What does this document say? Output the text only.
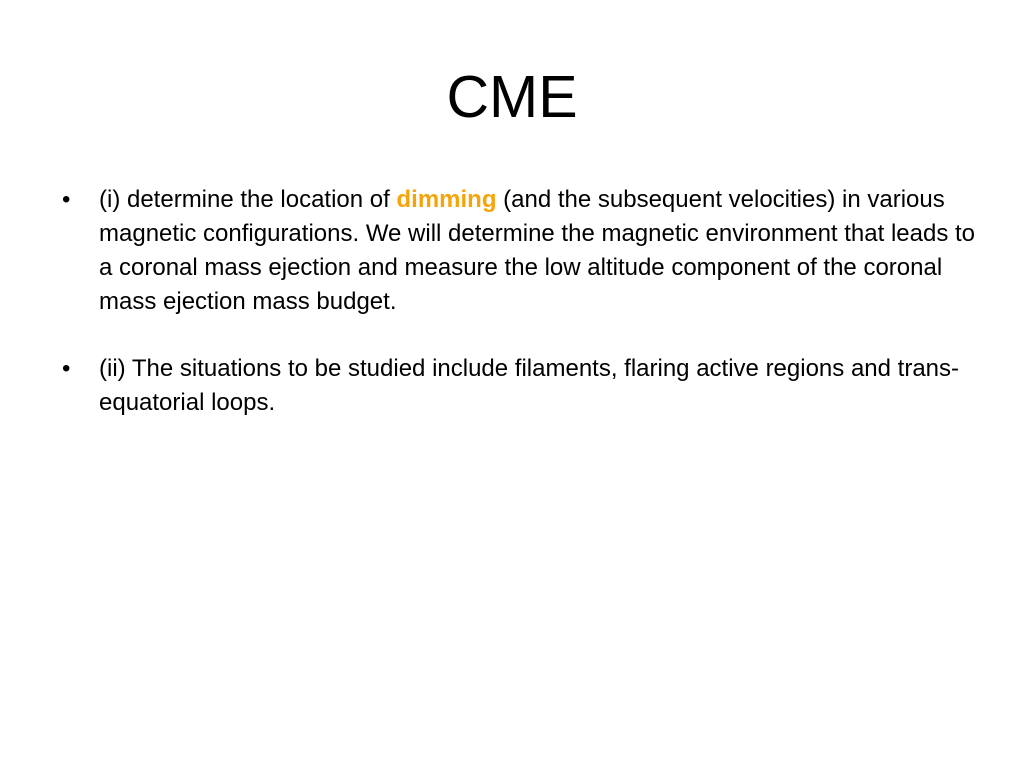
CME
• (i) determine the location of dimming (and the subsequent velocities) in various magnetic configurations. We will determine the magnetic environment that leads to a coronal mass ejection and measure the low altitude component of the coronal mass ejection mass budget.
• (ii) The situations to be studied include filaments, flaring active regions and trans-equatorial loops.
